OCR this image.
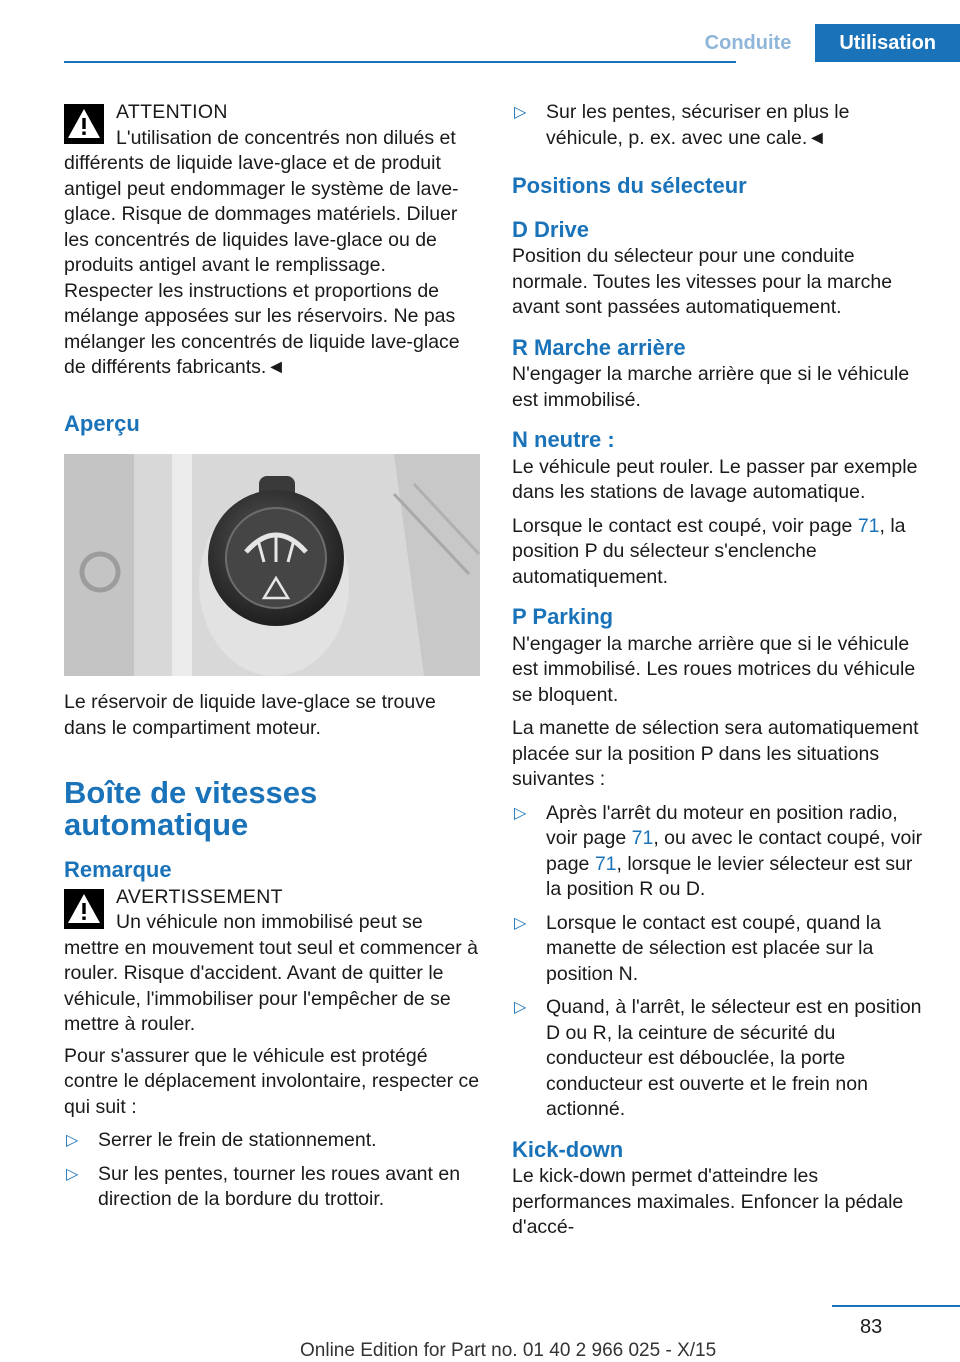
Conduite	Utilisation
ATTENTION
L'utilisation de concentrés non dilués et différents de liquide lave-glace et de produit antigel peut endommager le système de lave-glace. Risque de dommages matériels. Diluer les concentrés de liquides lave-glace ou de produits antigel avant le remplissage. Respecter les instructions et proportions de mélange apposées sur les réservoirs. Ne pas mélanger les concentrés de liquide lave-glace de différents fabricants.◄
Aperçu

Le réservoir de liquide lave-glace se trouve dans le compartiment moteur.

Boîte de vitesses automatique
Remarque
AVERTISSEMENT
Un véhicule non immobilisé peut se mettre en mouvement tout seul et commencer à rouler. Risque d'accident. Avant de quitter le véhicule, l'immobiliser pour l'empêcher de se mettre à rouler.

Pour s'assurer que le véhicule est protégé contre le déplacement involontaire, respecter ce qui suit :

▷ Serrer le frein de stationnement.
▷ Sur les pentes, tourner les roues avant en direction de la bordure du trottoir.
▷ Sur les pentes, sécuriser en plus le véhicule, p. ex. avec une cale.◄
Positions du sélecteur
D Drive

Position du sélecteur pour une conduite normale. Toutes les vitesses pour la marche avant sont passées automatiquement.

R Marche arrière

N'engager la marche arrière que si le véhicule est immobilisé.

N neutre :

Le véhicule peut rouler. Le passer par exemple dans les stations de lavage automatique.

Lorsque le contact est coupé, voir page 71, la position P du sélecteur s'enclenche automatiquement.

P Parking

N'engager la marche arrière que si le véhicule est immobilisé. Les roues motrices du véhicule se bloquent.

La manette de sélection sera automatiquement placée sur la position P dans les situations suivantes :

▷ Après l'arrêt du moteur en position radio, voir page 71, ou avec le contact coupé, voir page 71, lorsque le levier sélecteur est sur la position R ou D.
▷ Lorsque le contact est coupé, quand la manette de sélection est placée sur la position N.
▷ Quand, à l'arrêt, le sélecteur est en position D ou R, la ceinture de sécurité du conducteur est débouclée, la porte conducteur est ouverte et le frein non actionné.
Kick-down

Le kick-down permet d'atteindre les performances maximales. Enfoncer la pédale d'accé-

83
Online Edition for Part no. 01 40 2 966 025 - X/15
